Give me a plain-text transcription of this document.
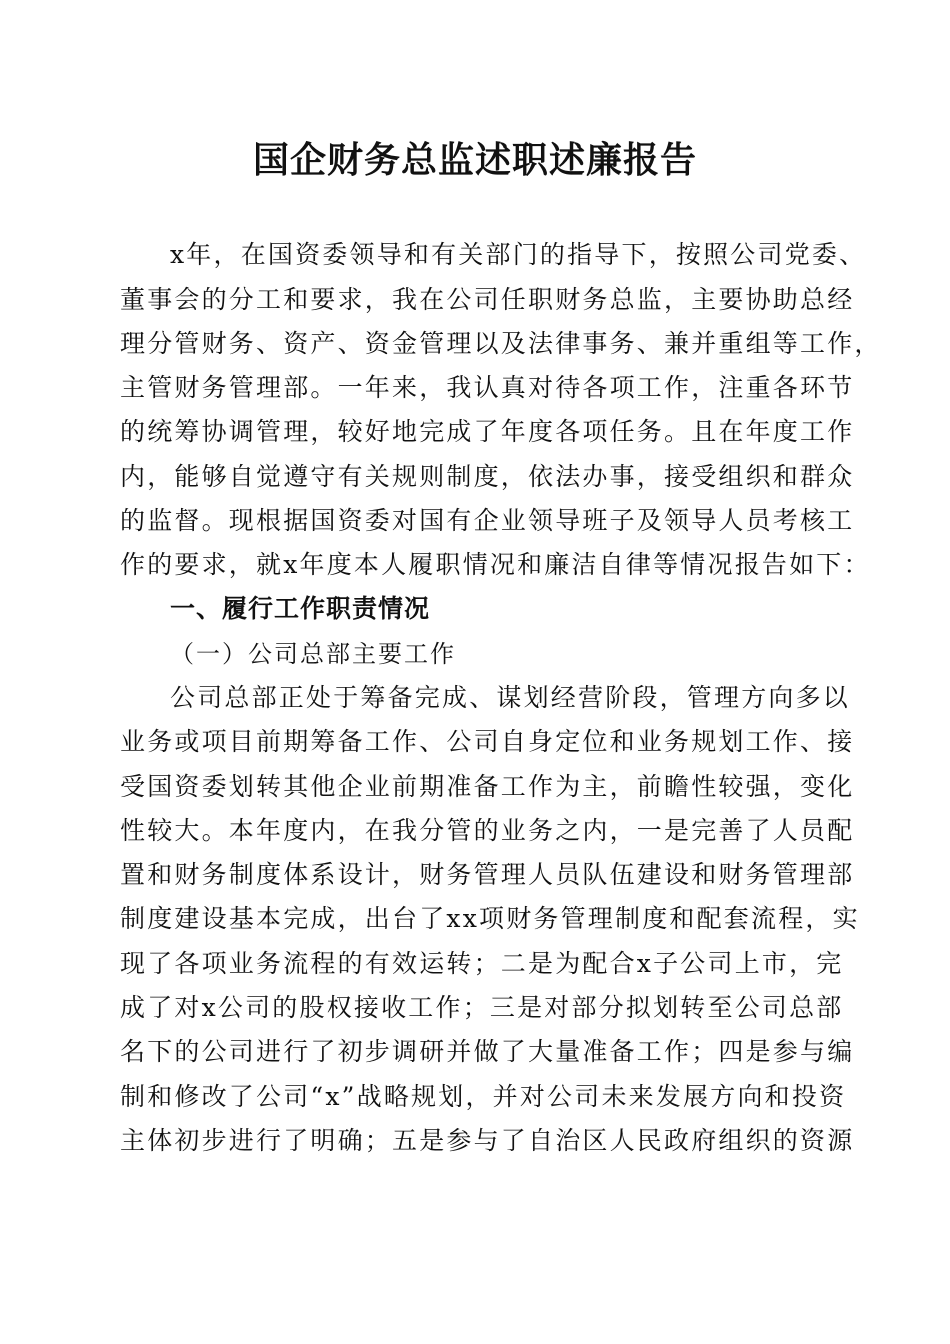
国企财务总监述职述廉报告

x年，在国资委领导和有关部门的指导下，按照公司党委、

董事会的分工和要求，我在公司任职财务总监，主要协助总经

理分管财务、资产、资金管理以及法律事务、兼并重组等工作，

主管财务管理部。一年来，我认真对待各项工作，注重各环节

的统筹协调管理，较好地完成了年度各项任务。且在年度工作

内，能够自觉遵守有关规则制度，依法办事，接受组织和群众

的监督。现根据国资委对国有企业领导班子及领导人员考核工

作的要求，就x年度本人履职情况和廉洁自律等情况报告如下：

一、履行工作职责情况

（一）公司总部主要工作

公司总部正处于筹备完成、谋划经营阶段，管理方向多以

业务或项目前期筹备工作、公司自身定位和业务规划工作、接

受国资委划转其他企业前期准备工作为主，前瞻性较强，变化

性较大。本年度内，在我分管的业务之内，一是完善了人员配

置和财务制度体系设计，财务管理人员队伍建设和财务管理部

制度建设基本完成，出台了xx项财务管理制度和配套流程，实

现了各项业务流程的有效运转；二是为配合x子公司上市，完

成了对x公司的股权接收工作；三是对部分拟划转至公司总部

名下的公司进行了初步调研并做了大量准备工作；四是参与编

制和修改了公司“x”战略规划，并对公司未来发展方向和投资

主体初步进行了明确；五是参与了自治区人民政府组织的资源
